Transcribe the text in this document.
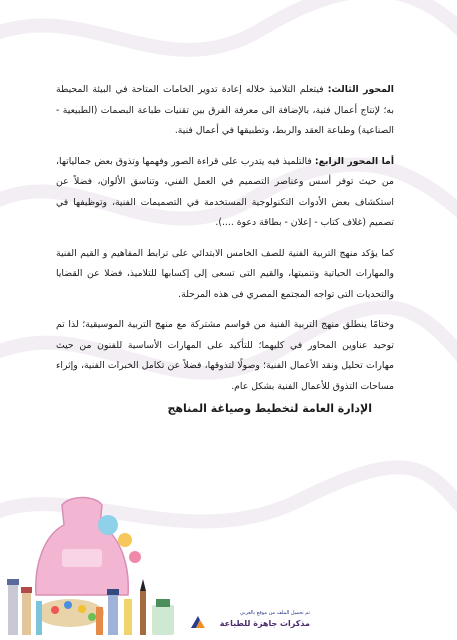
المحور الثالث: فيتعلم التلاميذ خلاله إعادة تدوير الخامات المتاحة في البيئة المحيطة به؛ لإنتاج أعمال فنية، بالإضافة الى معرفة الفرق بين تقنيات طباعة البصمات (الطبيعية - الصناعية) وطباعة العقد والربط، وتطبيقها في أعمال فنية.

أما المحور الرابع: فالتلميذ فيه يتدرب على قراءة الصور وفهمها وتذوق بعض جمالياتها، من حيث توفر أسس وعناصر التصميم في العمل الفني، وتناسق الألوان، فضلاً عن استكشاف بعض الأدوات التكنولوجية المستخدمة في التصميمات الفنية، وتوظيفها في تصميم (غلاف كتاب - إعلان - بطاقة دعوة ....).

كما يؤكد منهج التربية الفنية للصف الخامس الابتدائي على ترابط المفاهيم و القيم الفنية والمهارات الحياتية وتنميتها، والقيم التى تسعى إلى إكسابها للتلاميذ، فضلا عن القضايا والتحديات التى تواجه المجتمع المصري فى هذه المرحلة.

وختامًا ينطلق منهج التربية الفنية من قواسم مشتركة مع منهج التربية الموسيقية؛ لذا تم توحيد عناوين المحاور في كليهما؛ للتأكيد على المهارات الأساسية للفنون من حيث مهارات تحليل ونقد الأعمال الفنية؛ وصولًا لتذوقها، فضلاً عن تكامل الخبرات الفنية، وإثراء مساحات التذوق للأعمال الفنية بشكل عام.

الإدارة العامة لتخطيط وصياغة المناهج
تم تحميل الملف من موقع بالعربي
مذكرات جاهزة للطباعة
